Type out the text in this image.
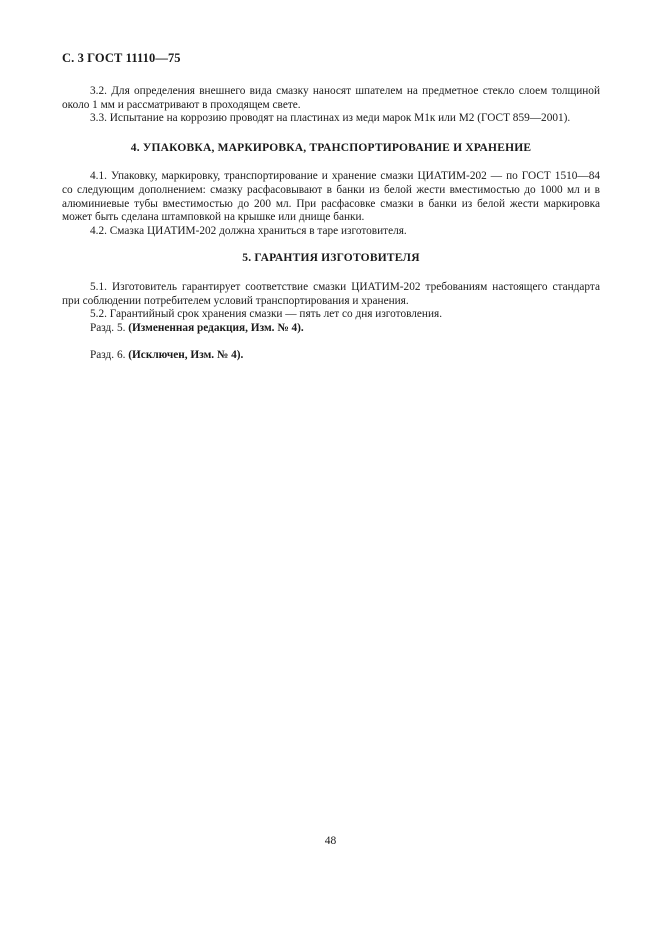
С. 3 ГОСТ 11110—75

3.2. Для определения внешнего вида смазку наносят шпателем на предметное стекло слоем толщиной около 1 мм и рассматривают в проходящем свете.

3.3. Испытание на коррозию проводят на пластинах из меди марок М1к или М2 (ГОСТ 859—2001).

4. УПАКОВКА, МАРКИРОВКА, ТРАНСПОРТИРОВАНИЕ И ХРАНЕНИЕ

4.1. Упаковку, маркировку, транспортирование и хранение смазки ЦИАТИМ-202 — по ГОСТ 1510—84 со следующим дополнением: смазку расфасовывают в банки из белой жести вместимостью до 1000 мл и в алюминиевые тубы вместимостью до 200 мл. При расфасовке смазки в банки из белой жести маркировка может быть сделана штамповкой на крышке или днище банки.

4.2. Смазка ЦИАТИМ-202 должна храниться в таре изготовителя.

5. ГАРАНТИЯ ИЗГОТОВИТЕЛЯ

5.1. Изготовитель гарантирует соответствие смазки ЦИАТИМ-202 требованиям настоящего стандарта при соблюдении потребителем условий транспортирования и хранения.

5.2. Гарантийный срок хранения смазки — пять лет со дня изготовления.

Разд. 5. (Измененная редакция, Изм. № 4).

Разд. 6. (Исключен, Изм. № 4).

48
